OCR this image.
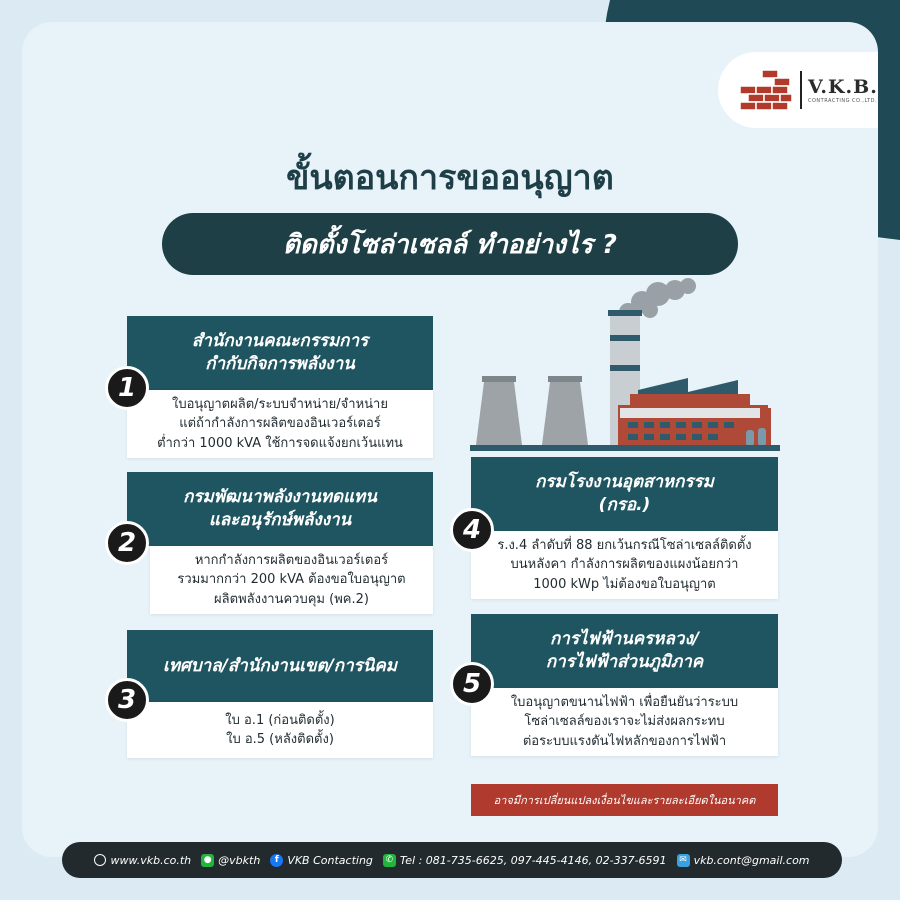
V.K.B.
CONTRACTING CO.,LTD.
ขั้นตอนการขออนุญาต
ติดตั้งโซล่าเซลล์ ทำอย่างไร ?
สำนักงานคณะกรรมการ
กำกับกิจการพลังงาน
ใบอนุญาตผลิต/ระบบจำหน่าย/จำหน่าย
แต่ถ้ากำลังการผลิตของอินเวอร์เตอร์
ต่ำกว่า 1000 kVA ใช้การจดแจ้งยกเว้นแทน
1
กรมพัฒนาพลังงานทดแทน
และอนุรักษ์พลังงาน
หากกำลังการผลิตของอินเวอร์เตอร์
รวมมากกว่า 200 kVA ต้องขอใบอนุญาต
ผลิตพลังงานควบคุม (พค.2)
2
เทศบาล/สำนักงานเขต/การนิคม
ใบ อ.1 (ก่อนติดตั้ง)
ใบ อ.5 (หลังติดตั้ง)
3
กรมโรงงานอุตสาหกรรม
(กรอ.)
ร.ง.4 ลำดับที่ 88 ยกเว้นกรณีโซล่าเซลล์ติดตั้ง
บนหลังคา กำลังการผลิตของแผงน้อยกว่า
1000 kWp ไม่ต้องขอใบอนุญาต
4
การไฟฟ้านครหลวง/
การไฟฟ้าส่วนภูมิภาค
ใบอนุญาตขนานไฟฟ้า เพื่อยืนยันว่าระบบ
โซล่าเซลล์ของเราจะไม่ส่งผลกระทบ
ต่อระบบแรงดันไฟหลักของการไฟฟ้า
5
อาจมีการเปลี่ยนแปลงเงื่อนไขและรายละเอียดในอนาคต
www.vkb.co.th ● @vbkth	f VKB Contacting	✆ Tel : 081-735-6625, 097-445-4146, 02-337-6591	✉ vkb.cont@gmail.com
